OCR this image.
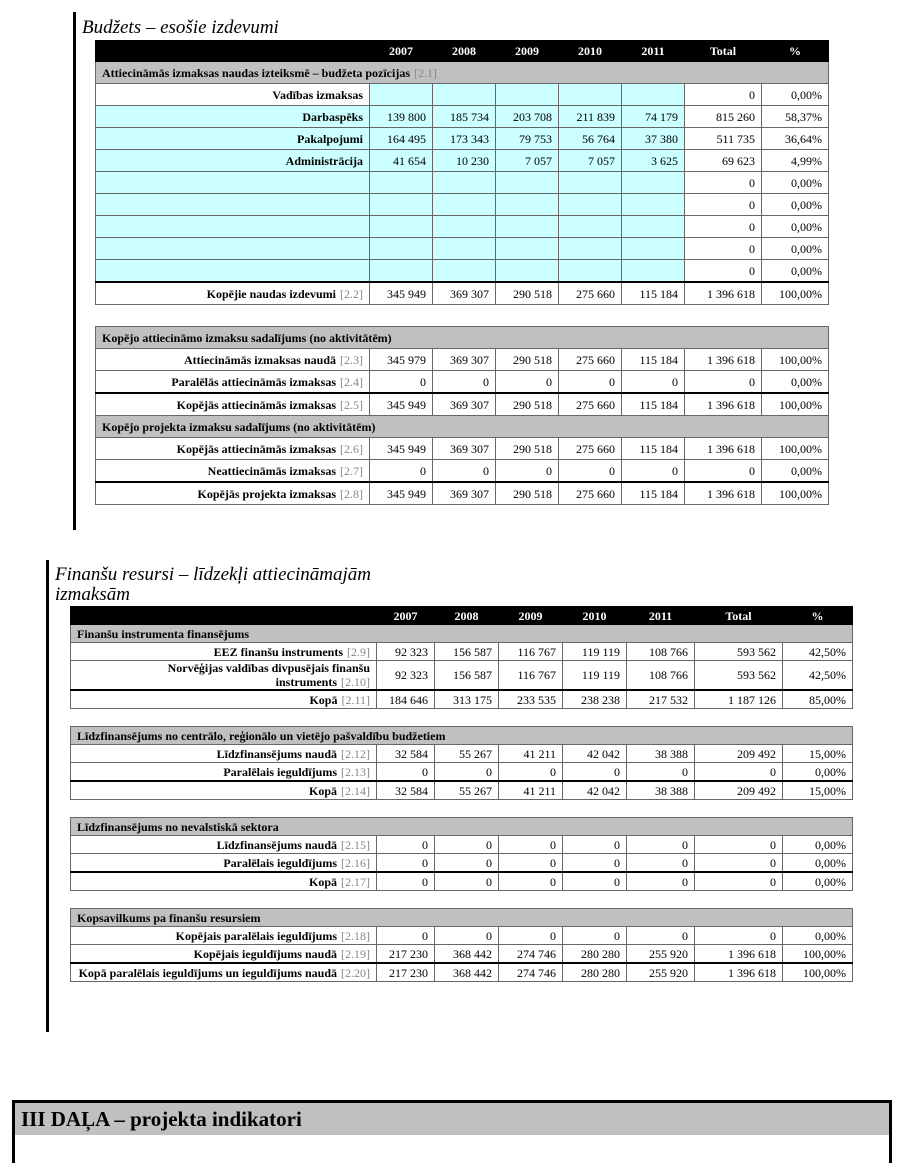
Budžets – esošie izdevumi
	2007	2008	2009	2010	2011	Total	%
Attiecināmās izmaksas naudas izteiksmē – budžeta pozīcijas [2.1]							
Vadības izmaksas						0	0,00%
Darbaspēks	139 800	185 734	203 708	211 839	74 179	815 260	58,37%
Pakalpojumi	164 495	173 343	79 753	56 764	37 380	511 735	36,64%
Administrācija	41 654	10 230	7 057	7 057	3 625	69 623	4,99%
						0	0,00%
						0	0,00%
						0	0,00%
						0	0,00%
						0	0,00%
Kopējie naudas izdevumi [2.2]	345 949	369 307	290 518	275 660	115 184	1 396 618	100,00%

Kopējo attiecināmo izmaksu sadalījums (no aktivitātēm)							
Attiecināmās izmaksas naudā [2.3]	345 979	369 307	290 518	275 660	115 184	1 396 618	100,00%
Paralēlās attiecināmās izmaksas [2.4]	0	0	0	0	0	0	0,00%
Kopējās attiecināmās izmaksas [2.5]	345 949	369 307	290 518	275 660	115 184	1 396 618	100,00%
Kopējo projekta izmaksu sadalījums (no aktivitātēm)							
Kopējās attiecināmās izmaksas [2.6]	345 949	369 307	290 518	275 660	115 184	1 396 618	100,00%
Neattiecināmās izmaksas [2.7]	0	0	0	0	0	0	0,00%
Kopējās projekta izmaksas [2.8]	345 949	369 307	290 518	275 660	115 184	1 396 618	100,00%
Finanšu resursi – līdzekļi attiecināmajām izmaksām
	2007	2008	2009	2010	2011	Total	%
Finanšu instrumenta finansējums							
EEZ finanšu instruments [2.9]	92 323	156 587	116 767	119 119	108 766	593 562	42,50%
Norvēģijas valdības divpusējais finanšu instruments [2.10]	92 323	156 587	116 767	119 119	108 766	593 562	42,50%
Kopā [2.11]	184 646	313 175	233 535	238 238	217 532	1 187 126	85,00%

Līdzfinansējums no centrālo, reģionālo un vietējo pašvaldību budžetiem							
Līdzfinansējums naudā [2.12]	32 584	55 267	41 211	42 042	38 388	209 492	15,00%
Paralēlais ieguldījums [2.13]	0	0	0	0	0	0	0,00%
Kopā [2.14]	32 584	55 267	41 211	42 042	38 388	209 492	15,00%

Līdzfinansējums no nevalstiskā sektora							
Līdzfinansējums naudā [2.15]	0	0	0	0	0	0	0,00%
Paralēlais ieguldījums [2.16]	0	0	0	0	0	0	0,00%
Kopā [2.17]	0	0	0	0	0	0	0,00%

Kopsavilkums pa finanšu resursiem							
Kopējais paralēlais ieguldījums [2.18]	0	0	0	0	0	0	0,00%
Kopējais ieguldījums naudā [2.19]	217 230	368 442	274 746	280 280	255 920	1 396 618	100,00%
Kopā paralēlais ieguldījums un ieguldījums naudā [2.20]	217 230	368 442	274 746	280 280	255 920	1 396 618	100,00%
III DAĻA – projekta indikatori
